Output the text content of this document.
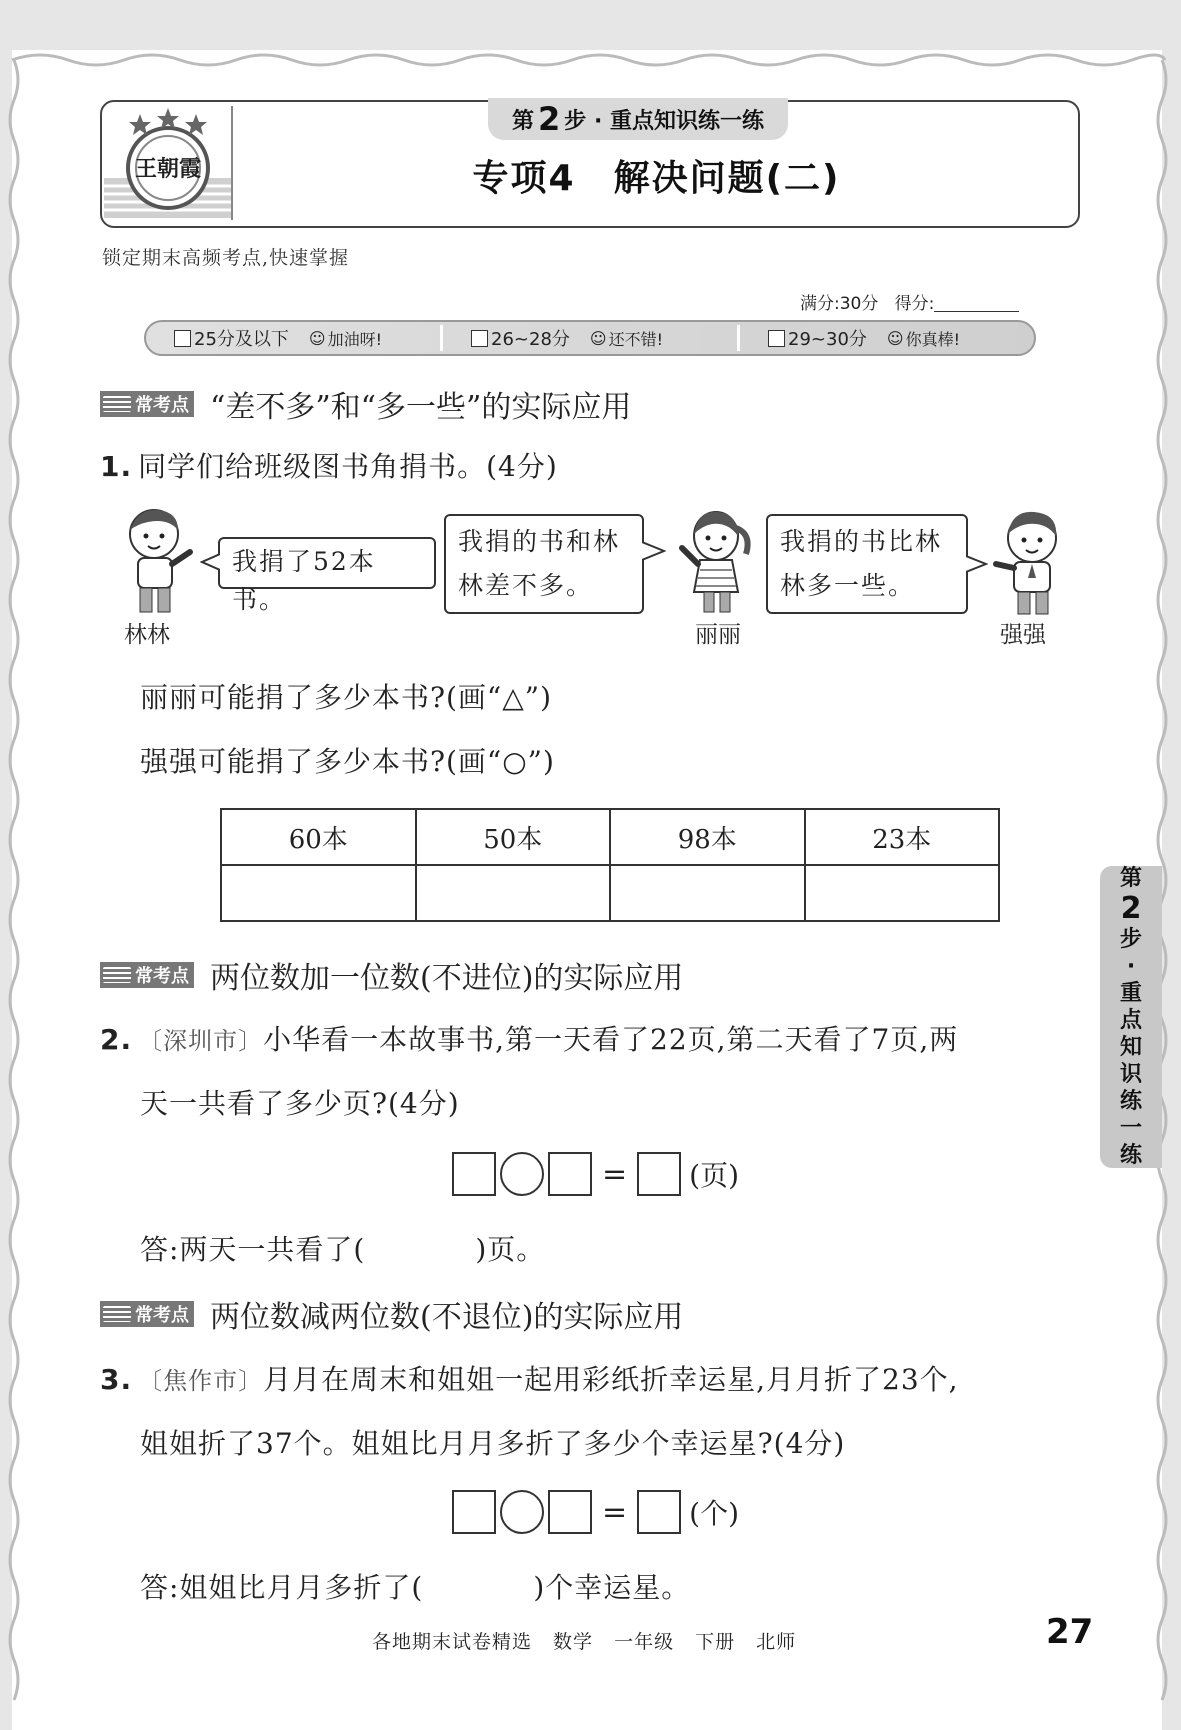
王朝霞
第 2 步 · 重点知识练一练
专项4　解决问题(二)
锁定期末高频考点,快速掌握
满分:30分 得分:
25分及以下 ☺ 加油呀!	26~28分 ☺ 还不错!	29~30分 ☺ 你真棒!
常考点 “差不多”和“多一些”的实际应用
1. 同学们给班级图书角捐书。(4分)
林林
我捐了52本书。
我捐的书和林
林差不多。
丽丽
我捐的书比林
林多一些。
强强
丽丽可能捐了多少本书?(画“△”)
强强可能捐了多少本书?(画“○”)
60本	50本	98本	23本

常考点 两位数加一位数(不进位)的实际应用
2. 〔深圳市〕小华看一本故事书,第一天看了22页,第二天看了7页,两
天一共看了多少页?(4分)
= (页)
答:两天一共看了(	)页。
常考点 两位数减两位数(不退位)的实际应用
3. 〔焦作市〕月月在周末和姐姐一起用彩纸折幸运星,月月折了23个,
姐姐折了37个。姐姐比月月多折了多少个幸运星?(4分)
= (个)
答:姐姐比月月多折了(	)个幸运星。
第
2
步
·
重
点
知
识
练
一
练
各地期末试卷精选 数学 一年级 下册 北师	27
